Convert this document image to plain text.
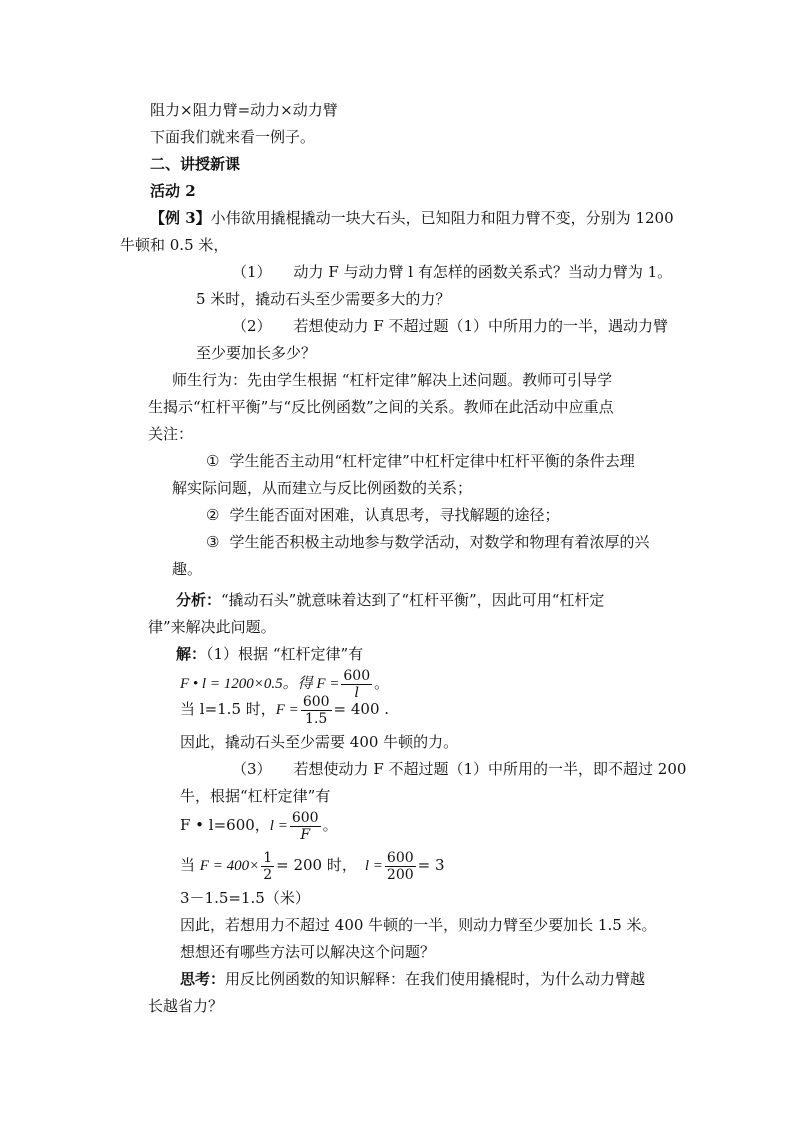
阻力×阻力臂=动力×动力臂
下面我们就来看一例子。
二、讲授新课
活动 2
【例 3】小伟欲用撬棍撬动一块大石头，已知阻力和阻力臂不变，分别为 1200
牛顿和 0.5 米，
（1） 动力 F 与动力臂 l 有怎样的函数关系式？当动力臂为 1。
5 米时，撬动石头至少需要多大的力？
（2） 若想使动力 F 不超过题（1）中所用力的一半，遇动力臂
至少要加长多少？
师生行为：先由学生根据 “杠杆定律”解决上述问题。教师可引导学
生揭示“杠杆平衡”与“反比例函数”之间的关系。教师在此活动中应重点
关注：
① 学生能否主动用“杠杆定律”中杠杆定律中杠杆平衡的条件去理
解实际问题，从而建立与反比例函数的关系；
② 学生能否面对困难，认真思考，寻找解题的途径；
③ 学生能否积极主动地参与数学活动，对数学和物理有着浓厚的兴
趣。
分析：“撬动石头”就意味着达到了“杠杆平衡”，因此可用“杠杆定
律”来解决此问题。
解：（1）根据 “杠杆定律”有
F • l = 1200×0.5。得 $F = \frac{600}{l}$ 。
当 l=1.5 时，$F = \frac{600}{1.5} = 400$ .
因此，撬动石头至少需要 400 牛顿的力。
（3） 若想使动力 F 不超过题（1）中所用的一半，即不超过 200
牛，根据“杠杆定律”有
F • l=600，$l = \frac{600}{F}$ 。
当 $F = 400\times \frac{1}{2} = 200$ 时， $l = \frac{600}{200} = 3$
3－1.5=1.5（米）
因此，若想用力不超过 400 牛顿的一半，则动力臂至少要加长 1.5 米。
想想还有哪些方法可以解决这个问题？
思考：用反比例函数的知识解释：在我们使用撬棍时，为什么动力臂越
长越省力？
